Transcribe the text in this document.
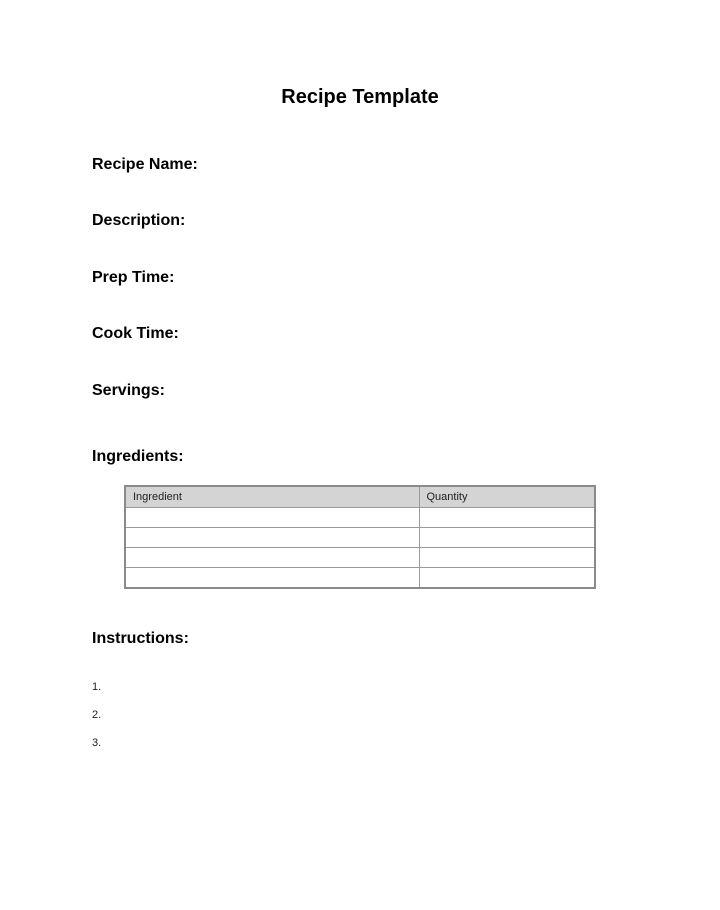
Recipe Template
Recipe Name:
Description:
Prep Time:
Cook Time:
Servings:
Ingredients:
Ingredient	Quantity

Instructions:
1.
2.
3.
